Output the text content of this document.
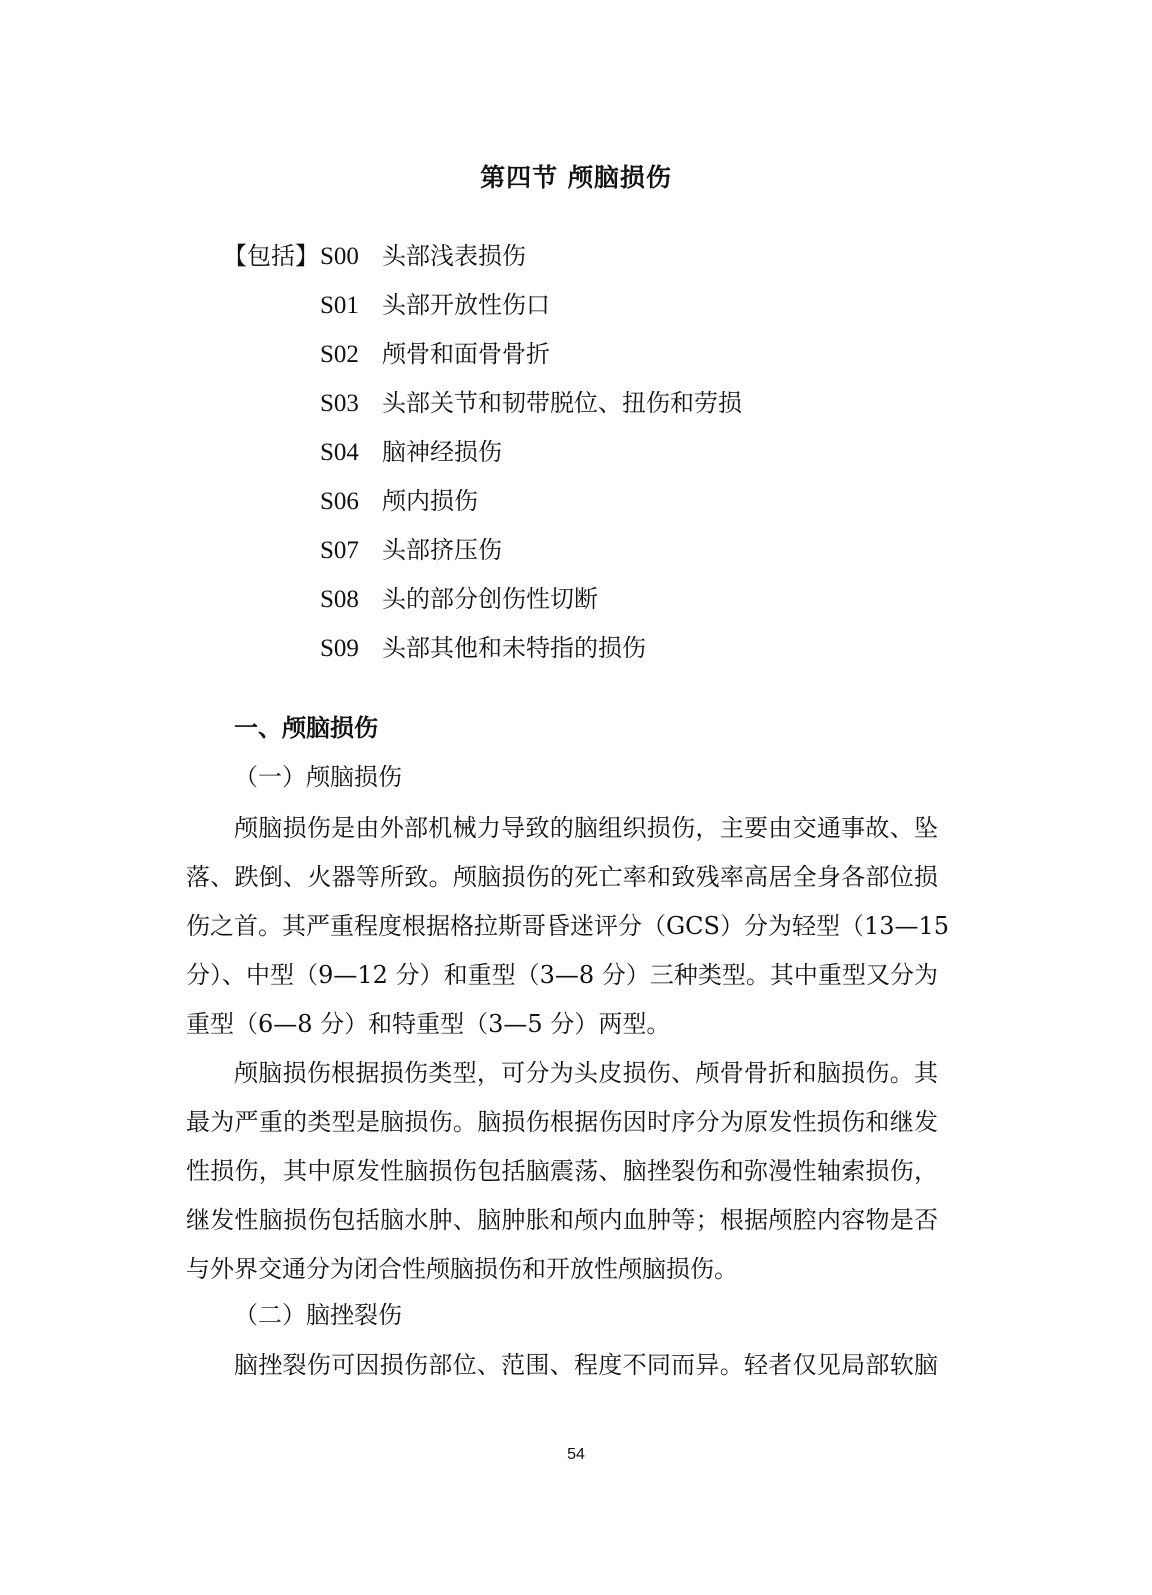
第四节 颅脑损伤
【包括】 S00 头部浅表损伤
S01 头部开放性伤口
S02 颅骨和面骨骨折
S03 头部关节和韧带脱位、扭伤和劳损
S04 脑神经损伤
S06 颅内损伤
S07 头部挤压伤
S08 头的部分创伤性切断
S09 头部其他和未特指的损伤
一、颅脑损伤
（一）颅脑损伤
颅脑损伤是由外部机械力导致的脑组织损伤，主要由交通事故、坠
落、跌倒、火器等所致。颅脑损伤的死亡率和致残率高居全身各部位损
伤之首。其严重程度根据格拉斯哥昏迷评分（GCS）分为轻型（13—15
分）、中型（9—12 分）和重型（3—8 分）三种类型。其中重型又分为
重型（6—8 分）和特重型（3—5 分）两型。
颅脑损伤根据损伤类型，可分为头皮损伤、颅骨骨折和脑损伤。其
最为严重的类型是脑损伤。脑损伤根据伤因时序分为原发性损伤和继发
性损伤，其中原发性脑损伤包括脑震荡、脑挫裂伤和弥漫性轴索损伤，
继发性脑损伤包括脑水肿、脑肿胀和颅内血肿等；根据颅腔内容物是否
与外界交通分为闭合性颅脑损伤和开放性颅脑损伤。
（二）脑挫裂伤
脑挫裂伤可因损伤部位、范围、程度不同而异。轻者仅见局部软脑
54
